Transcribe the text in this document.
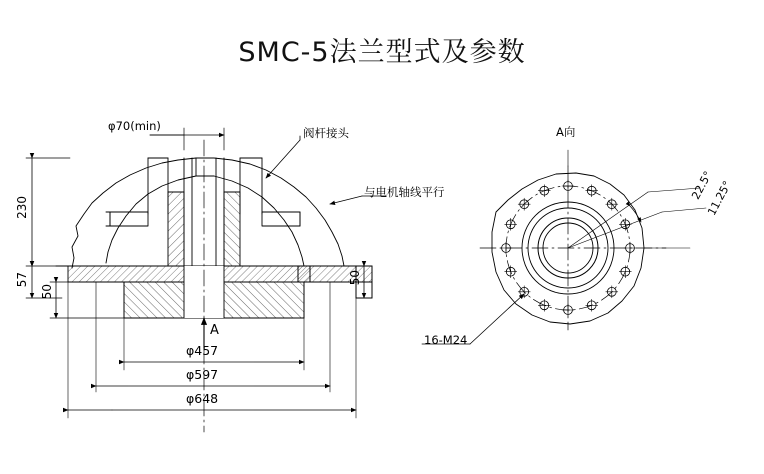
SMC-5法兰型式及参数
φ70(min)	阀杆接头
与电机轴线平行
A
A向
22.5°
11.25°
16-M24
230
57
50
50
φ457
φ597
φ648
